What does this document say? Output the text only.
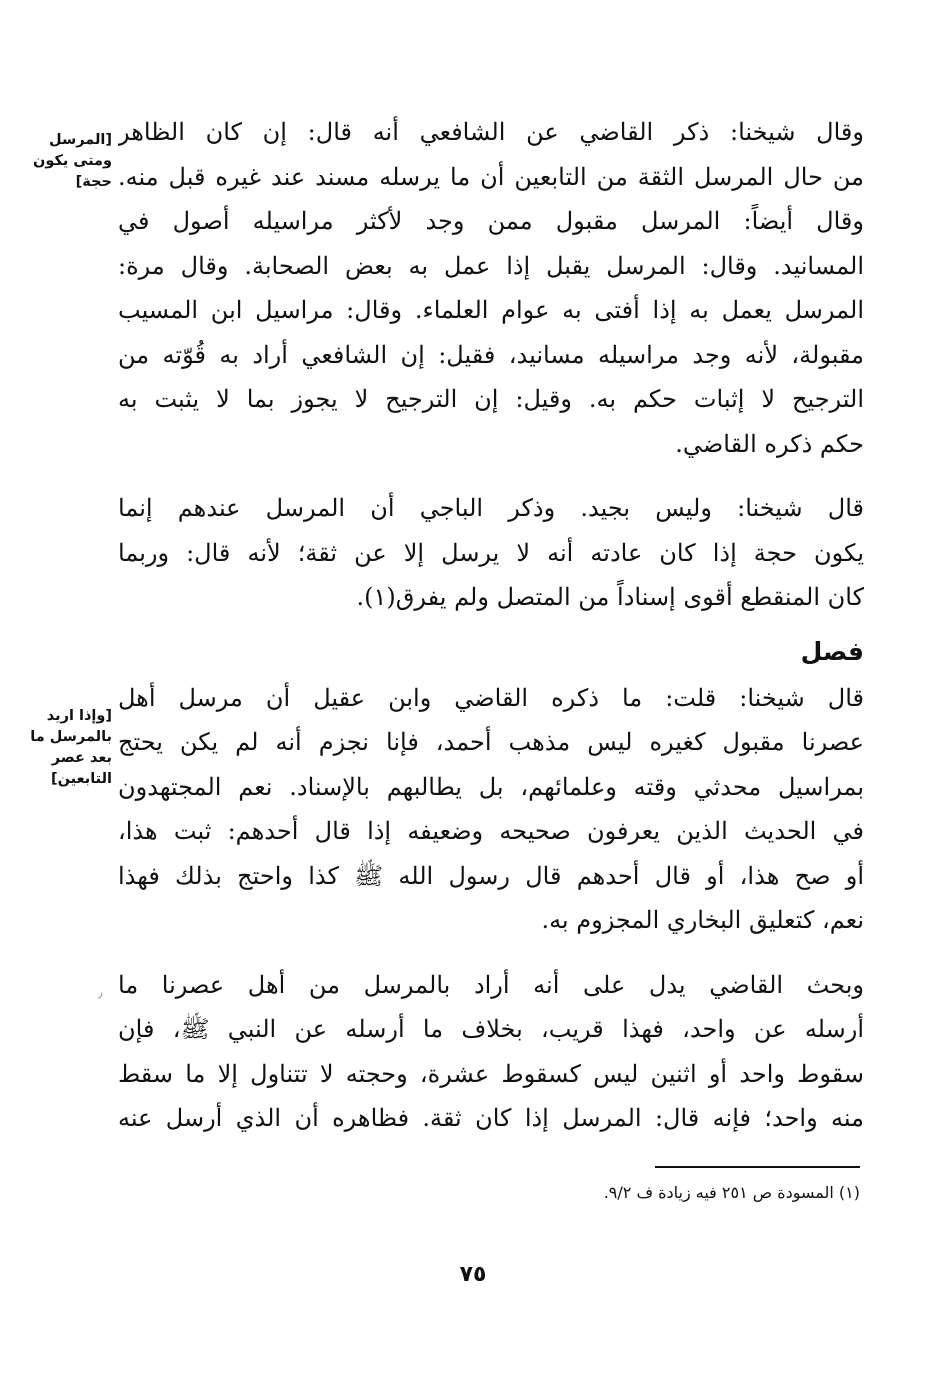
[المرسل
ومتى يكون
حجة]
[وإذا اريد
بالمرسل ما
بعد عصر
التابعين]

وقال شيخنا: ذكر القاضي عن الشافعي أنه قال: إن كان الظاهر
من حال المرسل الثقة من التابعين أن ما يرسله مسند عند غيره قبل منه.
وقال أيضاً: المرسل مقبول ممن وجد لأكثر مراسيله أصول في
المسانيد. وقال: المرسل يقبل إذا عمل به بعض الصحابة. وقال مرة:
المرسل يعمل به إذا أفتى به عوام العلماء. وقال: مراسيل ابن المسيب
مقبولة، لأنه وجد مراسيله مسانيد، فقيل: إن الشافعي أراد به قُوّته من
الترجيح لا إثبات حكم به. وقيل: إن الترجيح لا يجوز بما لا يثبت به
حكم ذكره القاضي.

قال شيخنا: وليس بجيد. وذكر الباجي أن المرسل عندهم إنما
يكون حجة إذا كان عادته أنه لا يرسل إلا عن ثقة؛ لأنه قال: وربما
كان المنقطع أقوى إسناداً من المتصل ولم يفرق(١).

فصل

قال شيخنا: قلت: ما ذكره القاضي وابن عقيل أن مرسل أهل
عصرنا مقبول كغيره ليس مذهب أحمد، فإنا نجزم أنه لم يكن يحتج
بمراسيل محدثي وقته وعلمائهم، بل يطالبهم بالإسناد. نعم المجتهدون
في الحديث الذين يعرفون صحيحه وضعيفه إذا قال أحدهم: ثبت هذا،
أو صح هذا، أو قال أحدهم قال رسول الله ﷺ كذا واحتج بذلك فهذا
نعم، كتعليق البخاري المجزوم به.

وبحث القاضي يدل على أنه أراد بالمرسل من أهل عصرنا ما
أرسله عن واحد، فهذا قريب، بخلاف ما أرسله عن النبي ﷺ، فإن
سقوط واحد أو اثنين ليس كسقوط عشرة، وحجته لا تتناول إلا ما سقط
منه واحد؛ فإنه قال: المرسل إذا كان ثقة. فظاهره أن الذي أرسل عنه

٫
(١) المسودة ص ٢٥١ فيه زيادة ف ٩/٢.
٧٥
